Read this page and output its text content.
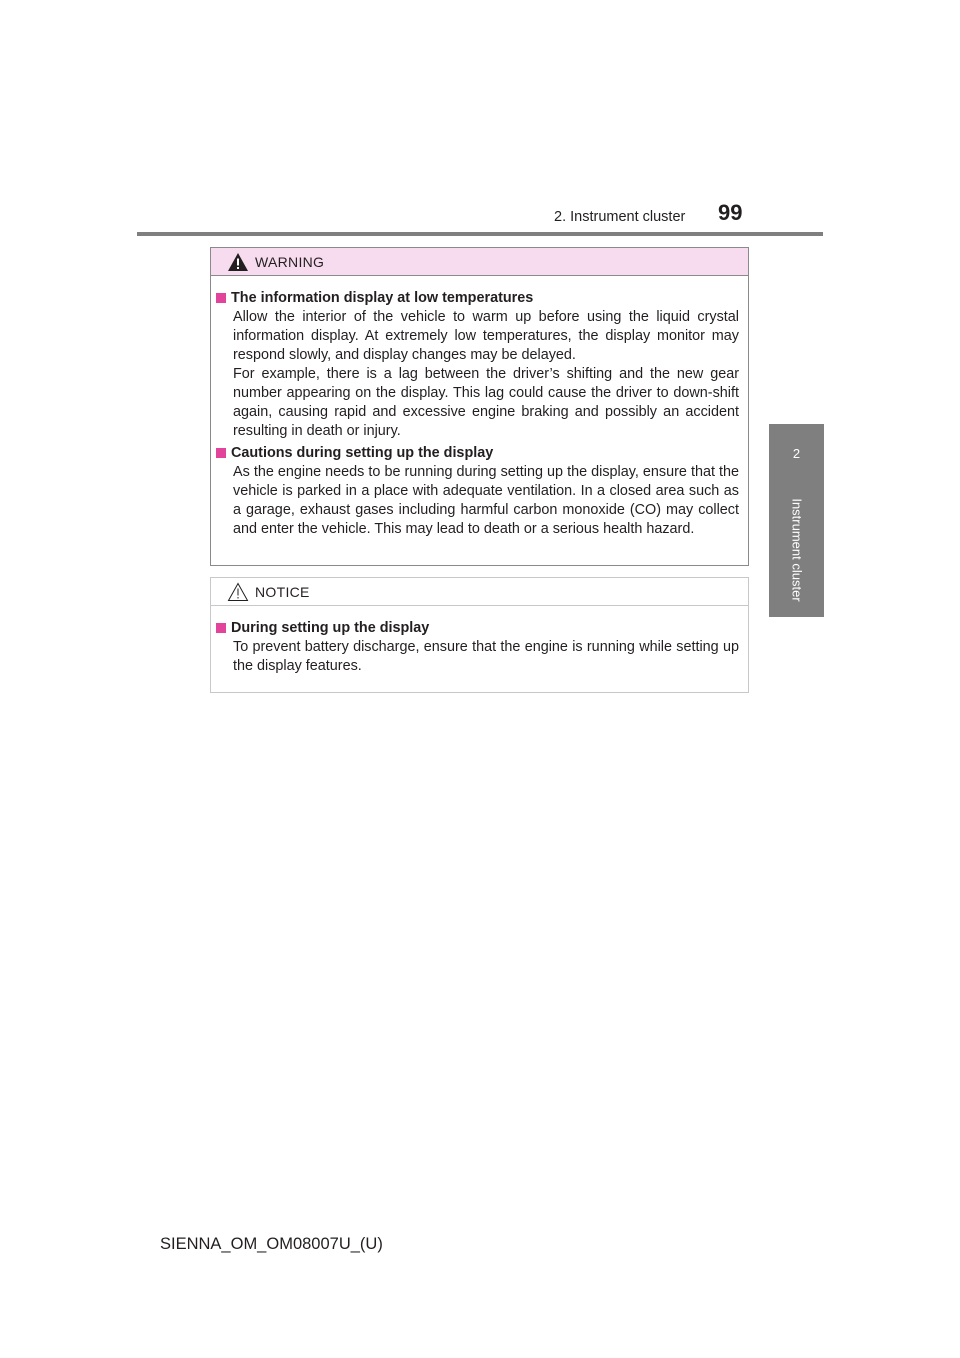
2. Instrument cluster 99
2
Instrument cluster
WARNING
The information display at low temperatures

Allow the interior of the vehicle to warm up before using the liquid crystal information display. At extremely low temperatures, the display monitor may respond slowly, and display changes may be delayed.

For example, there is a lag between the driver’s shifting and the new gear number appearing on the display. This lag could cause the driver to down-shift again, causing rapid and excessive engine braking and possibly an accident resulting in death or injury.

Cautions during setting up the display

As the engine needs to be running during setting up the display, ensure that the vehicle is parked in a place with adequate ventilation. In a closed area such as a garage, exhaust gases including harmful carbon monoxide (CO) may collect and enter the vehicle. This may lead to death or a serious health hazard.

NOTICE
During setting up the display

To prevent battery discharge, ensure that the engine is running while setting up the display features.

SIENNA_OM_OM08007U_(U)
